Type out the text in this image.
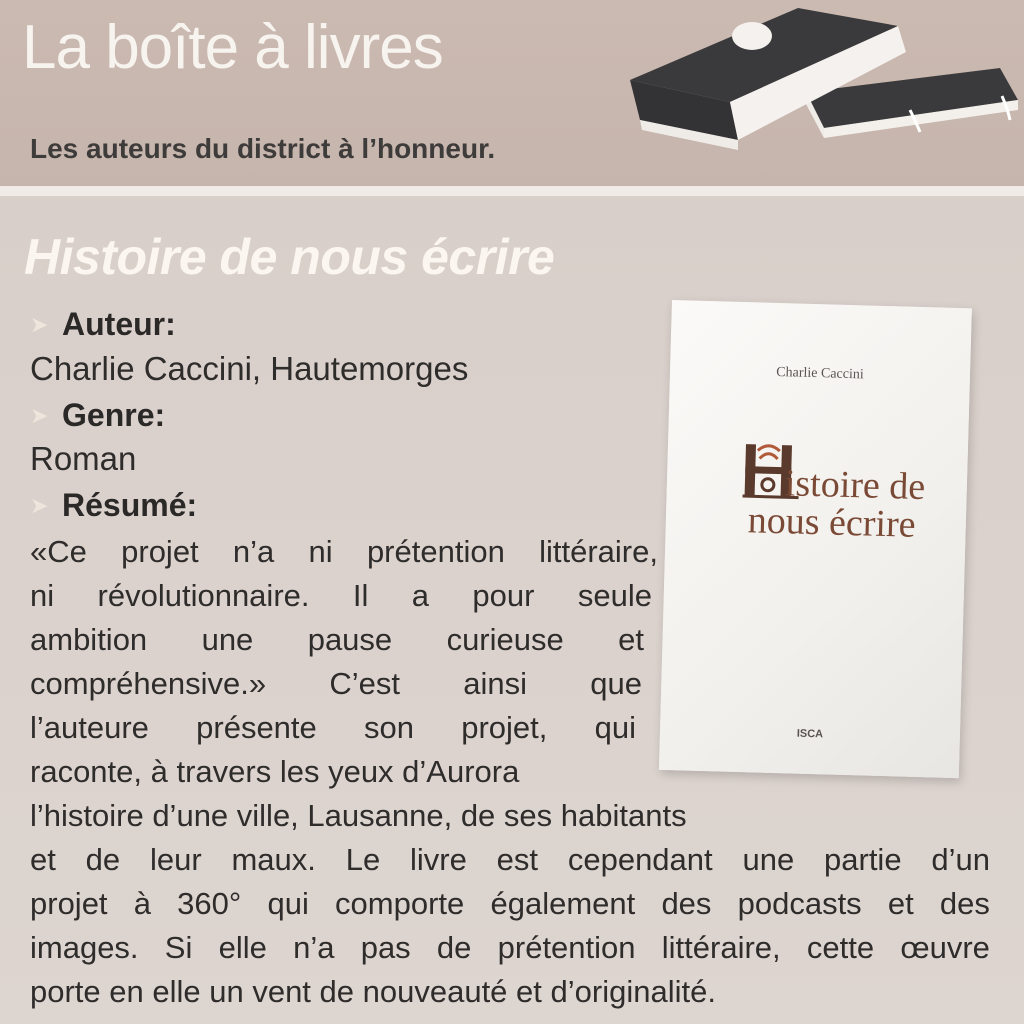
La boîte à livres

Les auteurs du district à l’honneur.

Histoire de nous écrire

➤ Auteur:

Charlie Caccini, Hautemorges

➤ Genre:

Roman

➤ Résumé:

«Ce projet n’a ni prétention littéraire,

ni révolutionnaire. Il a pour seule

ambition une pause curieuse et

compréhensive.» C’est ainsi que

l’auteure présente son projet, qui

raconte, à travers les yeux d’Aurora

l’histoire d’une ville, Lausanne, de ses habitants

et de leur maux. Le livre est cependant une partie d’un

projet à 360° qui comporte également des podcasts et des

images. Si elle n’a pas de prétention littéraire, cette œuvre

porte en elle un vent de nouveauté et d’originalité.

Charlie Caccini
istoire de
nous écrire
ISCA
